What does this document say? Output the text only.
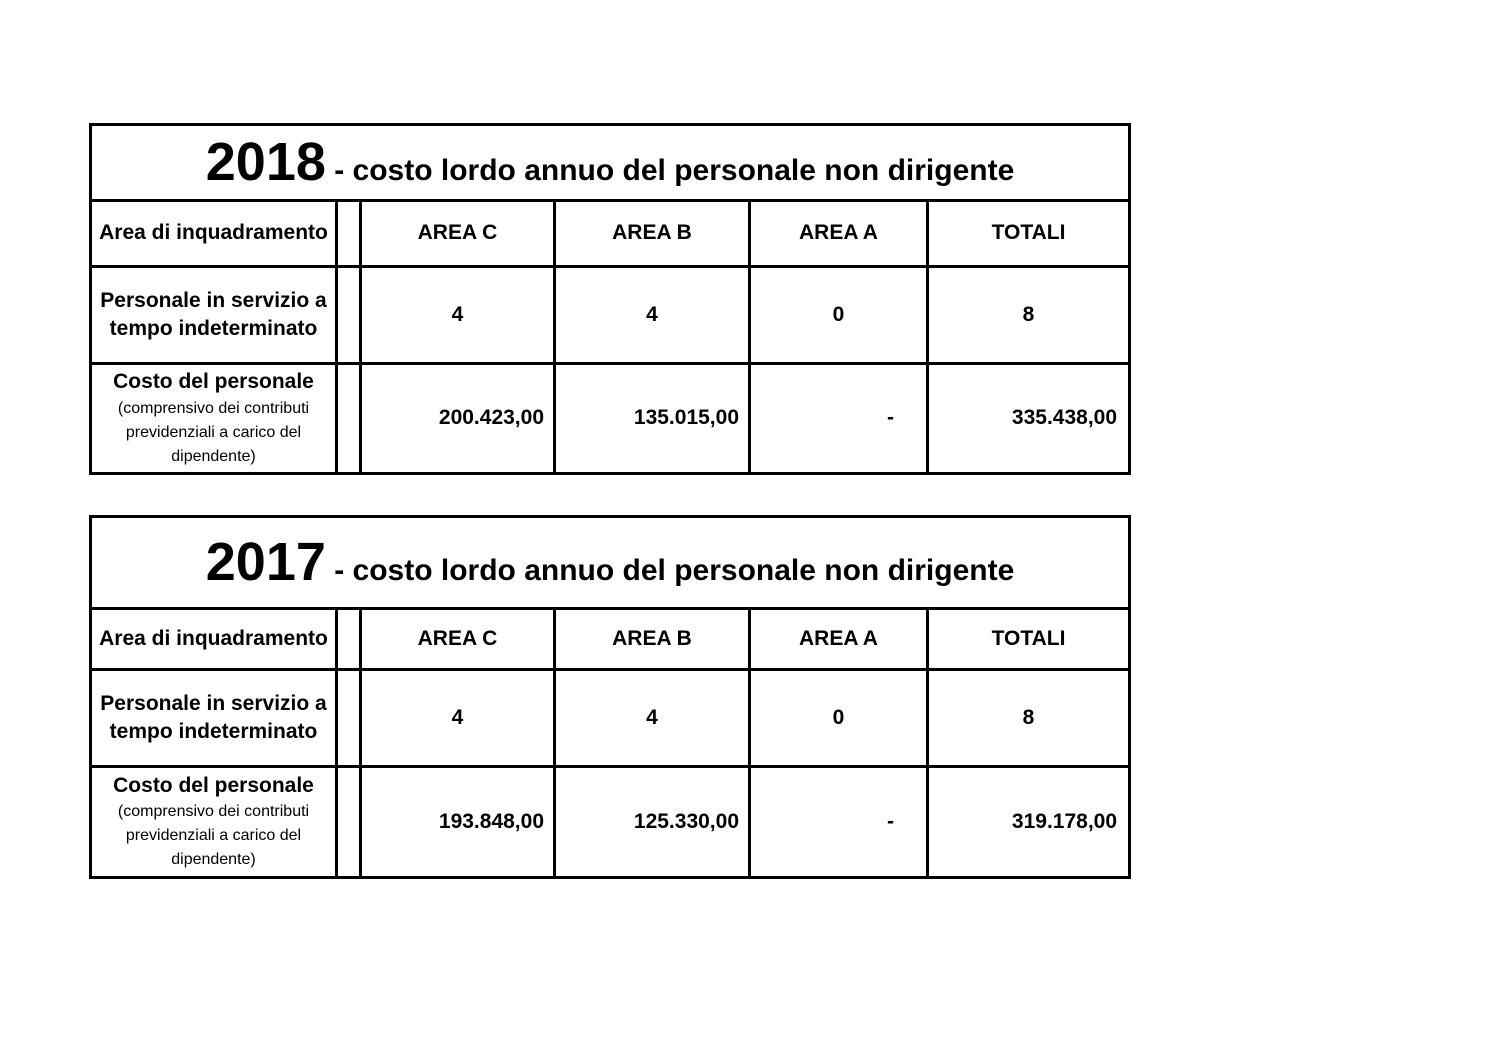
2018 - costo lordo annuo del personale non dirigente					
Area di inquadramento		AREA C	AREA B	AREA A	TOTALI
Personale in servizio a tempo indeterminato		4	4	0	8

Costo del personale
(comprensivo dei contributi previdenziali a carico del dipendente)		200.423,00	135.015,00	-	335.438,00
2017 - costo lordo annuo del personale non dirigente					
Area di inquadramento		AREA C	AREA B	AREA A	TOTALI
Personale in servizio a tempo indeterminato		4	4	0	8

Costo del personale
(comprensivo dei contributi previdenziali a carico del dipendente)		193.848,00	125.330,00	-	319.178,00
